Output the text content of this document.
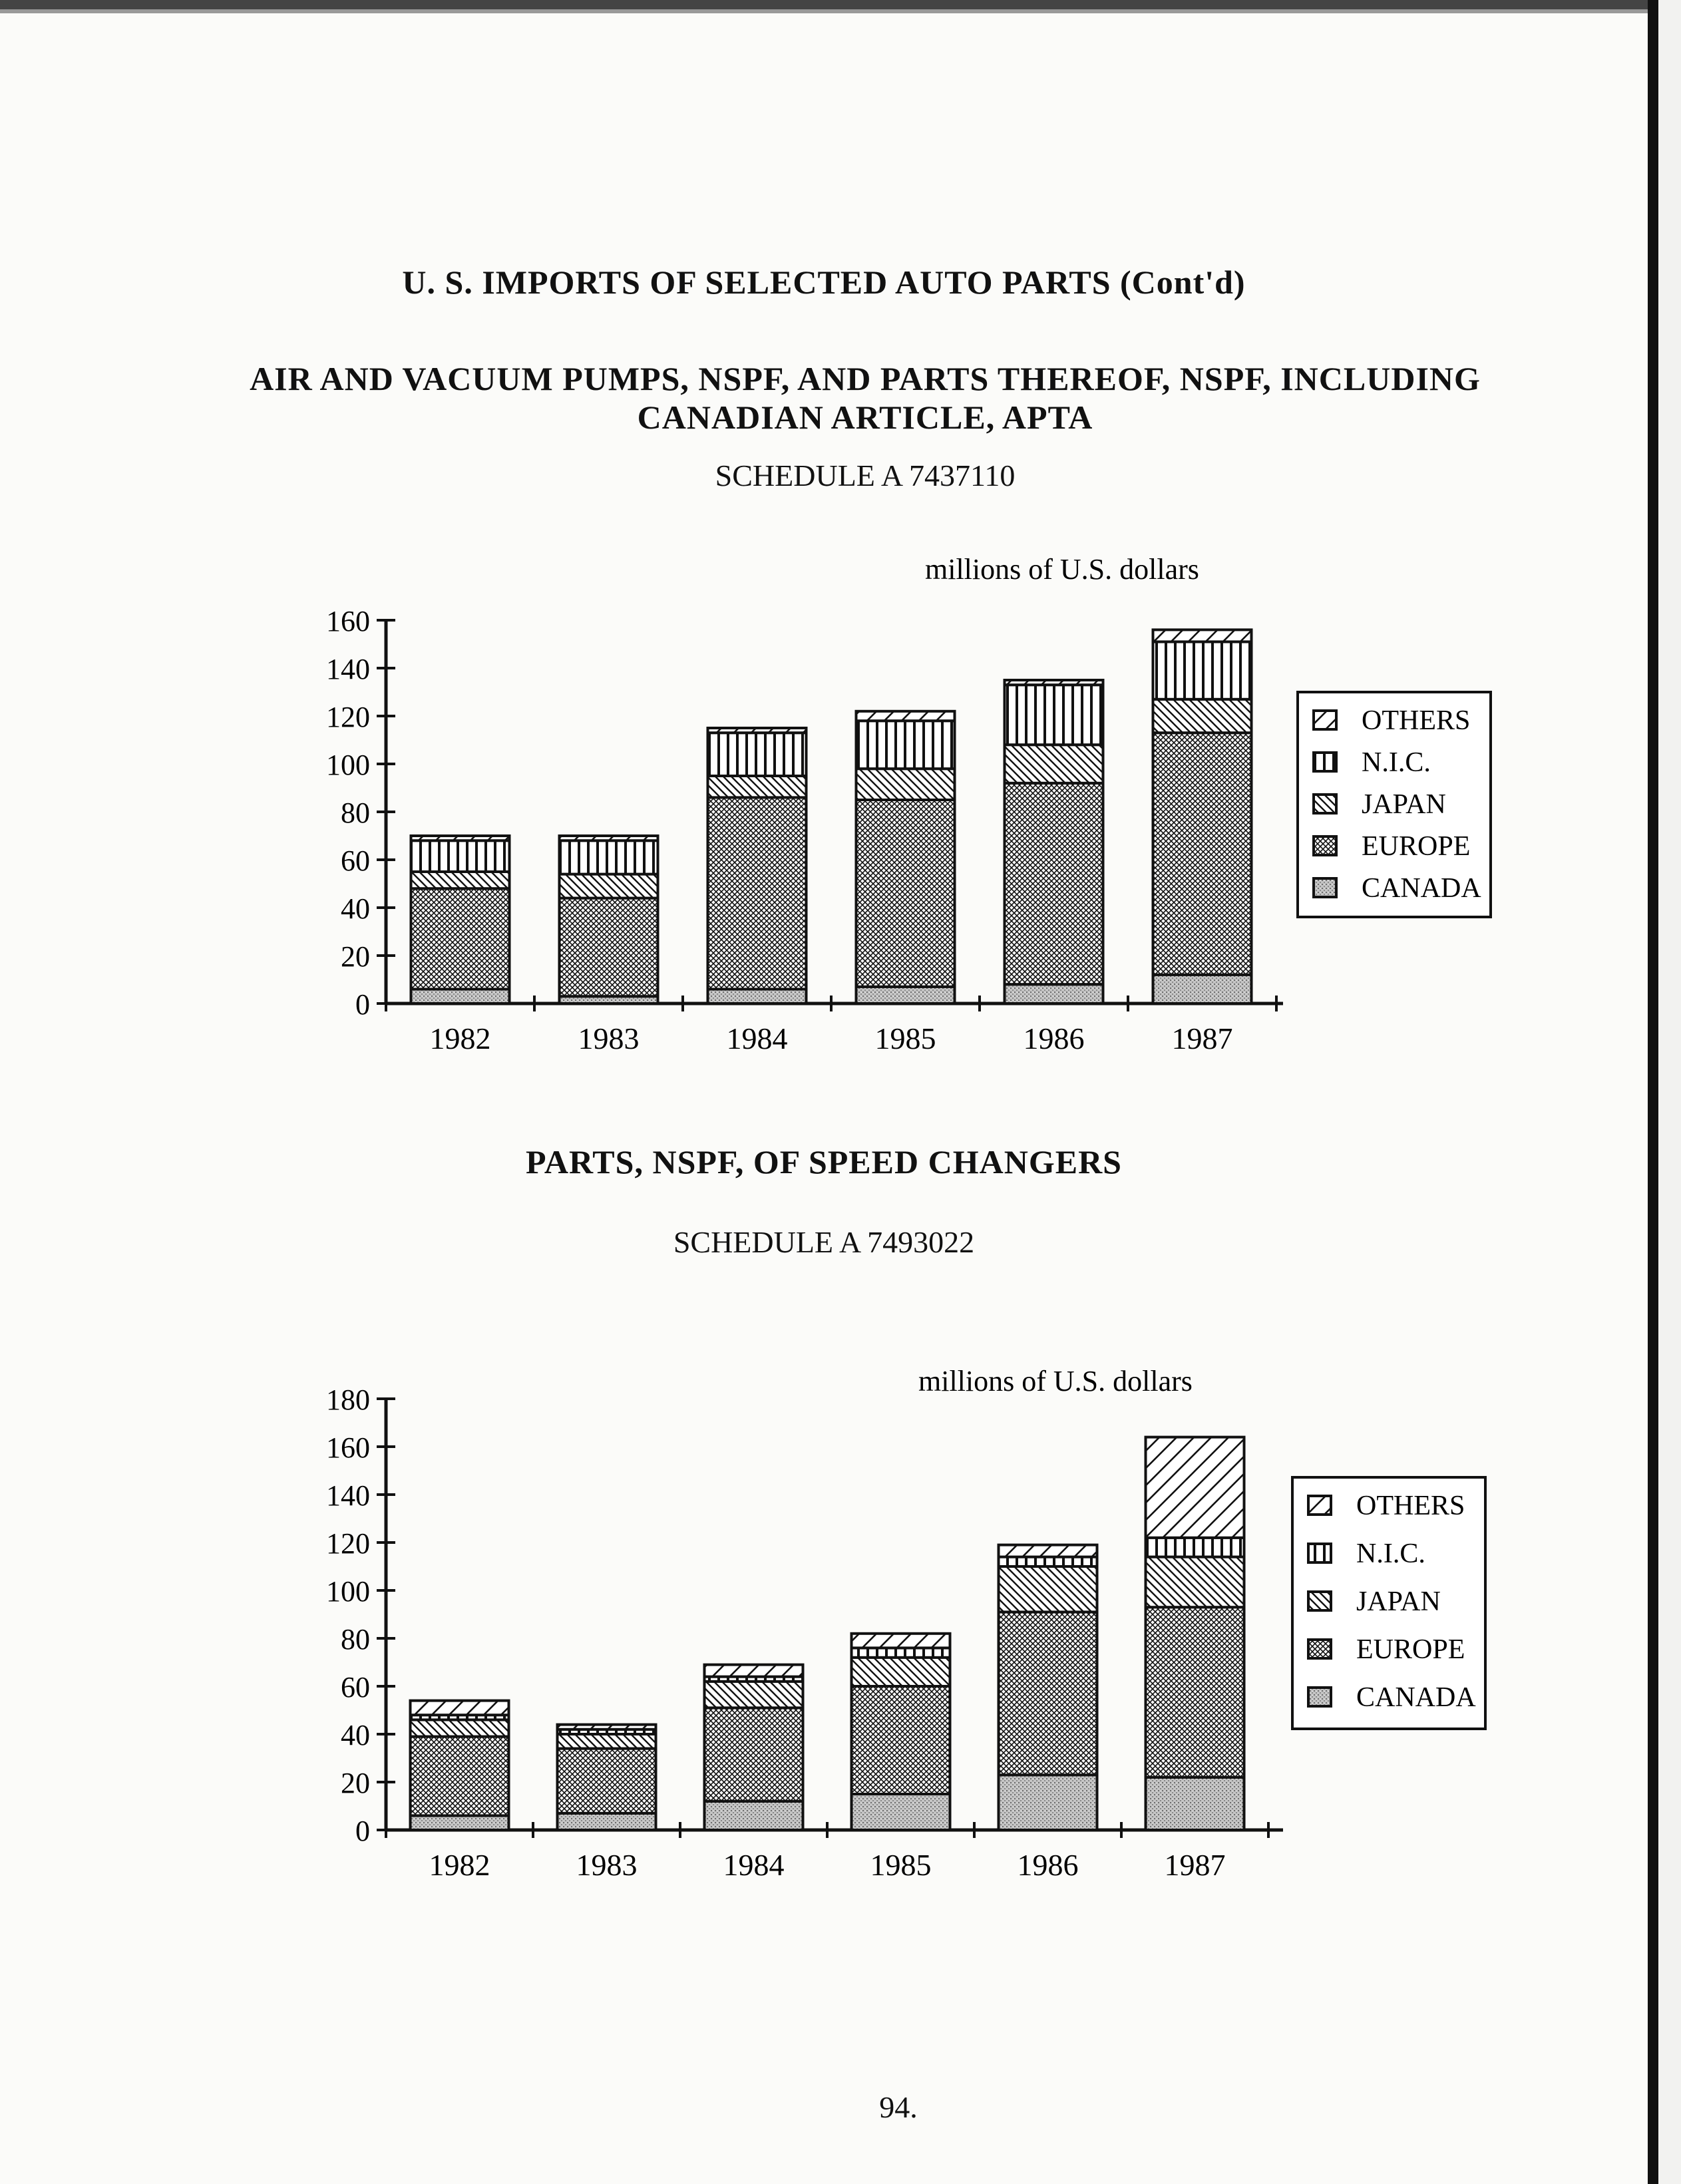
U. S. IMPORTS OF SELECTED AUTO PARTS (Cont'd)
AIR AND VACUUM PUMPS, NSPF, AND PARTS THEREOF, NSPF, INCLUDING
CANADIAN ARTICLE, APTA
SCHEDULE A 7437110
millions of U.S. dollars
0
20
40
60
80
100
120
140
160
1982	1983	1984	1985	1986	1987
OTHERS
N.I.C.
JAPAN
EUROPE
CANADA
PARTS, NSPF, OF SPEED CHANGERS
SCHEDULE A 7493022
millions of U.S. dollars
0
20
40
60
80
100
120
140
160
180
1982	1983	1984	1985	1986	1987
OTHERS
N.I.C.
JAPAN
EUROPE
CANADA
94.
